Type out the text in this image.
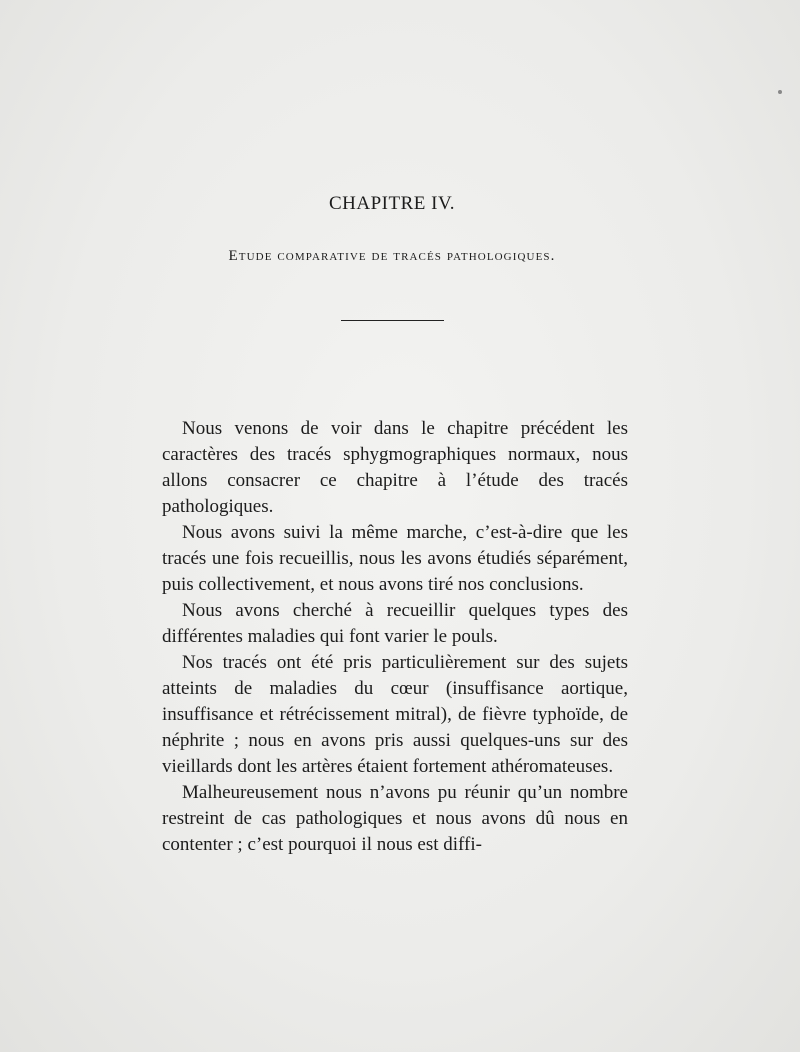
CHAPITRE IV.
Etude comparative de tracés pathologiques.

Nous venons de voir dans le chapitre précédent les caractères des tracés sphygmographiques normaux, nous allons consacrer ce chapitre à l’étude des tracés pathologiques.

Nous avons suivi la même marche, c’est-à-dire que les tracés une fois recueillis, nous les avons étudiés séparément, puis collectivement, et nous avons tiré nos conclusions.

Nous avons cherché à recueillir quelques types des différentes maladies qui font varier le pouls.

Nos tracés ont été pris particulièrement sur des sujets atteints de maladies du cœur (insuffisance aortique, insuffisance et rétrécissement mitral), de fièvre typhoïde, de néphrite ; nous en avons pris aussi quelques-uns sur des vieillards dont les artères étaient fortement athéromateuses.

Malheureusement nous n’avons pu réunir qu’un nombre restreint de cas pathologiques et nous avons dû nous en contenter ; c’est pourquoi il nous est diffi-
